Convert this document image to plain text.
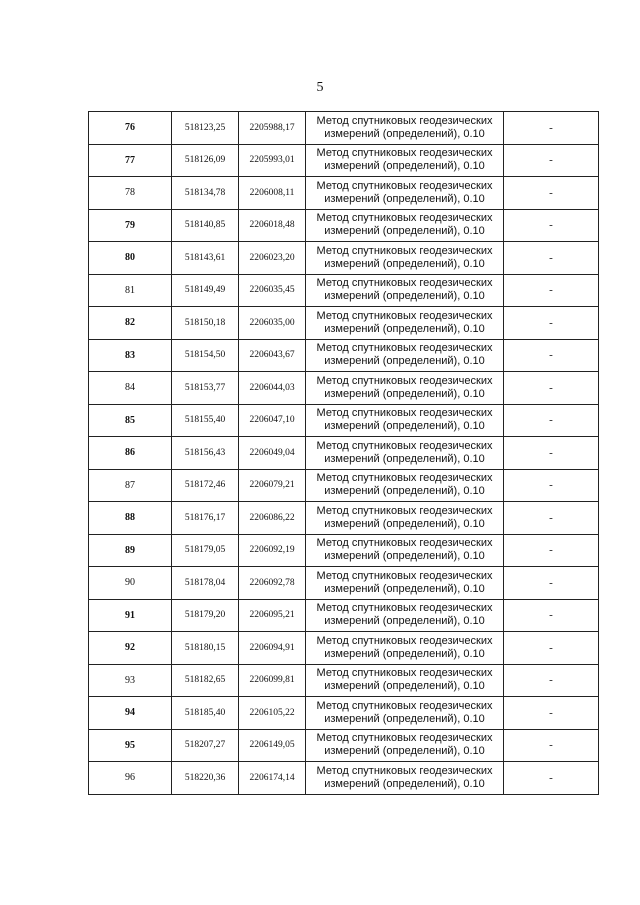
5
76	518123,25	2205988,17	Метод спутниковых геодезических
измерений (определений), 0.10	-
77	518126,09	2205993,01	Метод спутниковых геодезических
измерений (определений), 0.10	-
78	518134,78	2206008,11	Метод спутниковых геодезических
измерений (определений), 0.10	-
79	518140,85	2206018,48	Метод спутниковых геодезических
измерений (определений), 0.10	-
80	518143,61	2206023,20	Метод спутниковых геодезических
измерений (определений), 0.10	-
81	518149,49	2206035,45	Метод спутниковых геодезических
измерений (определений), 0.10	-
82	518150,18	2206035,00	Метод спутниковых геодезических
измерений (определений), 0.10	-
83	518154,50	2206043,67	Метод спутниковых геодезических
измерений (определений), 0.10	-
84	518153,77	2206044,03	Метод спутниковых геодезических
измерений (определений), 0.10	-
85	518155,40	2206047,10	Метод спутниковых геодезических
измерений (определений), 0.10	-
86	518156,43	2206049,04	Метод спутниковых геодезических
измерений (определений), 0.10	-
87	518172,46	2206079,21	Метод спутниковых геодезических
измерений (определений), 0.10	-
88	518176,17	2206086,22	Метод спутниковых геодезических
измерений (определений), 0.10	-
89	518179,05	2206092,19	Метод спутниковых геодезических
измерений (определений), 0.10	-
90	518178,04	2206092,78	Метод спутниковых геодезических
измерений (определений), 0.10	-
91	518179,20	2206095,21	Метод спутниковых геодезических
измерений (определений), 0.10	-
92	518180,15	2206094,91	Метод спутниковых геодезических
измерений (определений), 0.10	-
93	518182,65	2206099,81	Метод спутниковых геодезических
измерений (определений), 0.10	-
94	518185,40	2206105,22	Метод спутниковых геодезических
измерений (определений), 0.10	-
95	518207,27	2206149,05	Метод спутниковых геодезических
измерений (определений), 0.10	-
96	518220,36	2206174,14	Метод спутниковых геодезических
измерений (определений), 0.10	-
